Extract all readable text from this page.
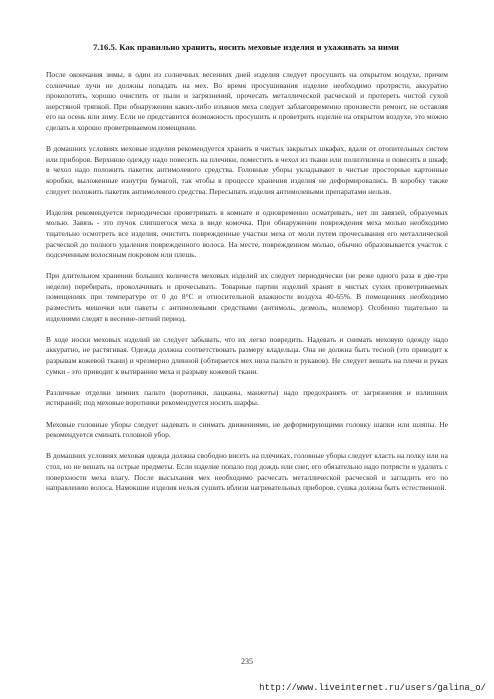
7.16.5. Как правильно хранить, носить меховые изделия и ухаживать за ними

После окончания зимы, в один из солнечных весенних дней изделия следует просушить на открытом воздухе, причем солнечные лучи не должны попадать на мех. Во время просушивания изделие необходимо протрясти, аккуратно проколотить, хорошо очистить от пыли и загрязнений, прочесать металлической расческой и протереть чистой сухой шерстяной тряпкой. При обнаружении каких-либо изъянов меха следует заблаговременно произвести ремонт, не оставляя его на осень или зиму. Если не представится возможность просушить и проветрить изделие на открытом воздухе, это можно сделать в хорошо проветриваемом помещении.

В домашних условиях меховые изделия рекомендуется хранить в чистых закрытых шкафах, вдали от отопительных систем или приборов. Верхнюю одежду надо повесить на плечики, поместить в чехол из ткани или полиэтилена и повесить в шкаф; в чехол надо положить пакетик антимолевого средства. Головные уборы укладывают в чистые просторные картонные коробки, выложенные изнутри бумагой, так чтобы в процессе хранения изделия не деформировались. В коробку также следует положить пакетик антимолевого средства. Пересыпать изделия антимолевыми препаратами нельзя.

Изделия рекомендуется периодически проветривать в комнате и одновременно осматривать, нет ли завязей, образуемых молью. Завязь - это пучок слипшегося меха в виде комочка. При обнаружении повреждения меха молью необходимо тщательно осмотреть все изделия, очистить поврежденные участки меха от моли путем прочесывания его металлической расческой до полного удаления поврежденного волоса. На месте, поврежденном молью, обычно образовывается участок с подсеченным волосяным покровом или плешь.

При длительном хранении больших количеств меховых изделий их следует периодически (не реже одного раза в две-три недели) перебирать, проколачивать и прочесывать. Товарные партии изделий хранят в чистых сухих проветриваемых помещениях при температуре от 0 до 8°С и относительной влажности воздуха 40-65%. В помещениях необходимо разместить мешочки или пакеты с антимолевыми средствами (антимоль, дезмоль, молемор). Особенно тщательно за изделиями следят в весенне-летний период.

В ходе носки меховых изделий не следует забывать, что их легко повредить. Надевать и снимать меховую одежду надо аккуратно, не растягивая. Одежда должна соответствовать размеру владельца. Она не должна быть тесной (это приводит к разрывам кожевой ткани) и чрезмерно длинной (обтирается мех низа пальто и рукавов). Не следует вешать на плечи и руках сумки - это приводит к вытиранию меха и разрыву кожевой ткани.

Различные отделки зимних пальто (воротники, лацканы, манжеты) надо предохранять от загрязнения и излишних истираний; под меховые воротники рекомендуется носить шарфы.

Меховые головные уборы следует надевать и снимать движениями, не деформирующими головку шапки или шляпы. Не рекомендуется сминать головной убор.

В домашних условиях меховая одежда должна свободно висеть на плечиках, головные уборы следует класть на полку или на стол, но не вешать на острые предметы. Если изделие попало под дождь или снег, его обязательно надо потрясти и удалить с поверхности меха влагу. После высыхания мех необходимо расчесать металлической расческой и загладить его по направлению волоса. Намокшие изделия нельзя сушить вблизи нагревательных приборов, сушка должна быть естественной.

235
http://www.liveinternet.ru/users/galina_o/
